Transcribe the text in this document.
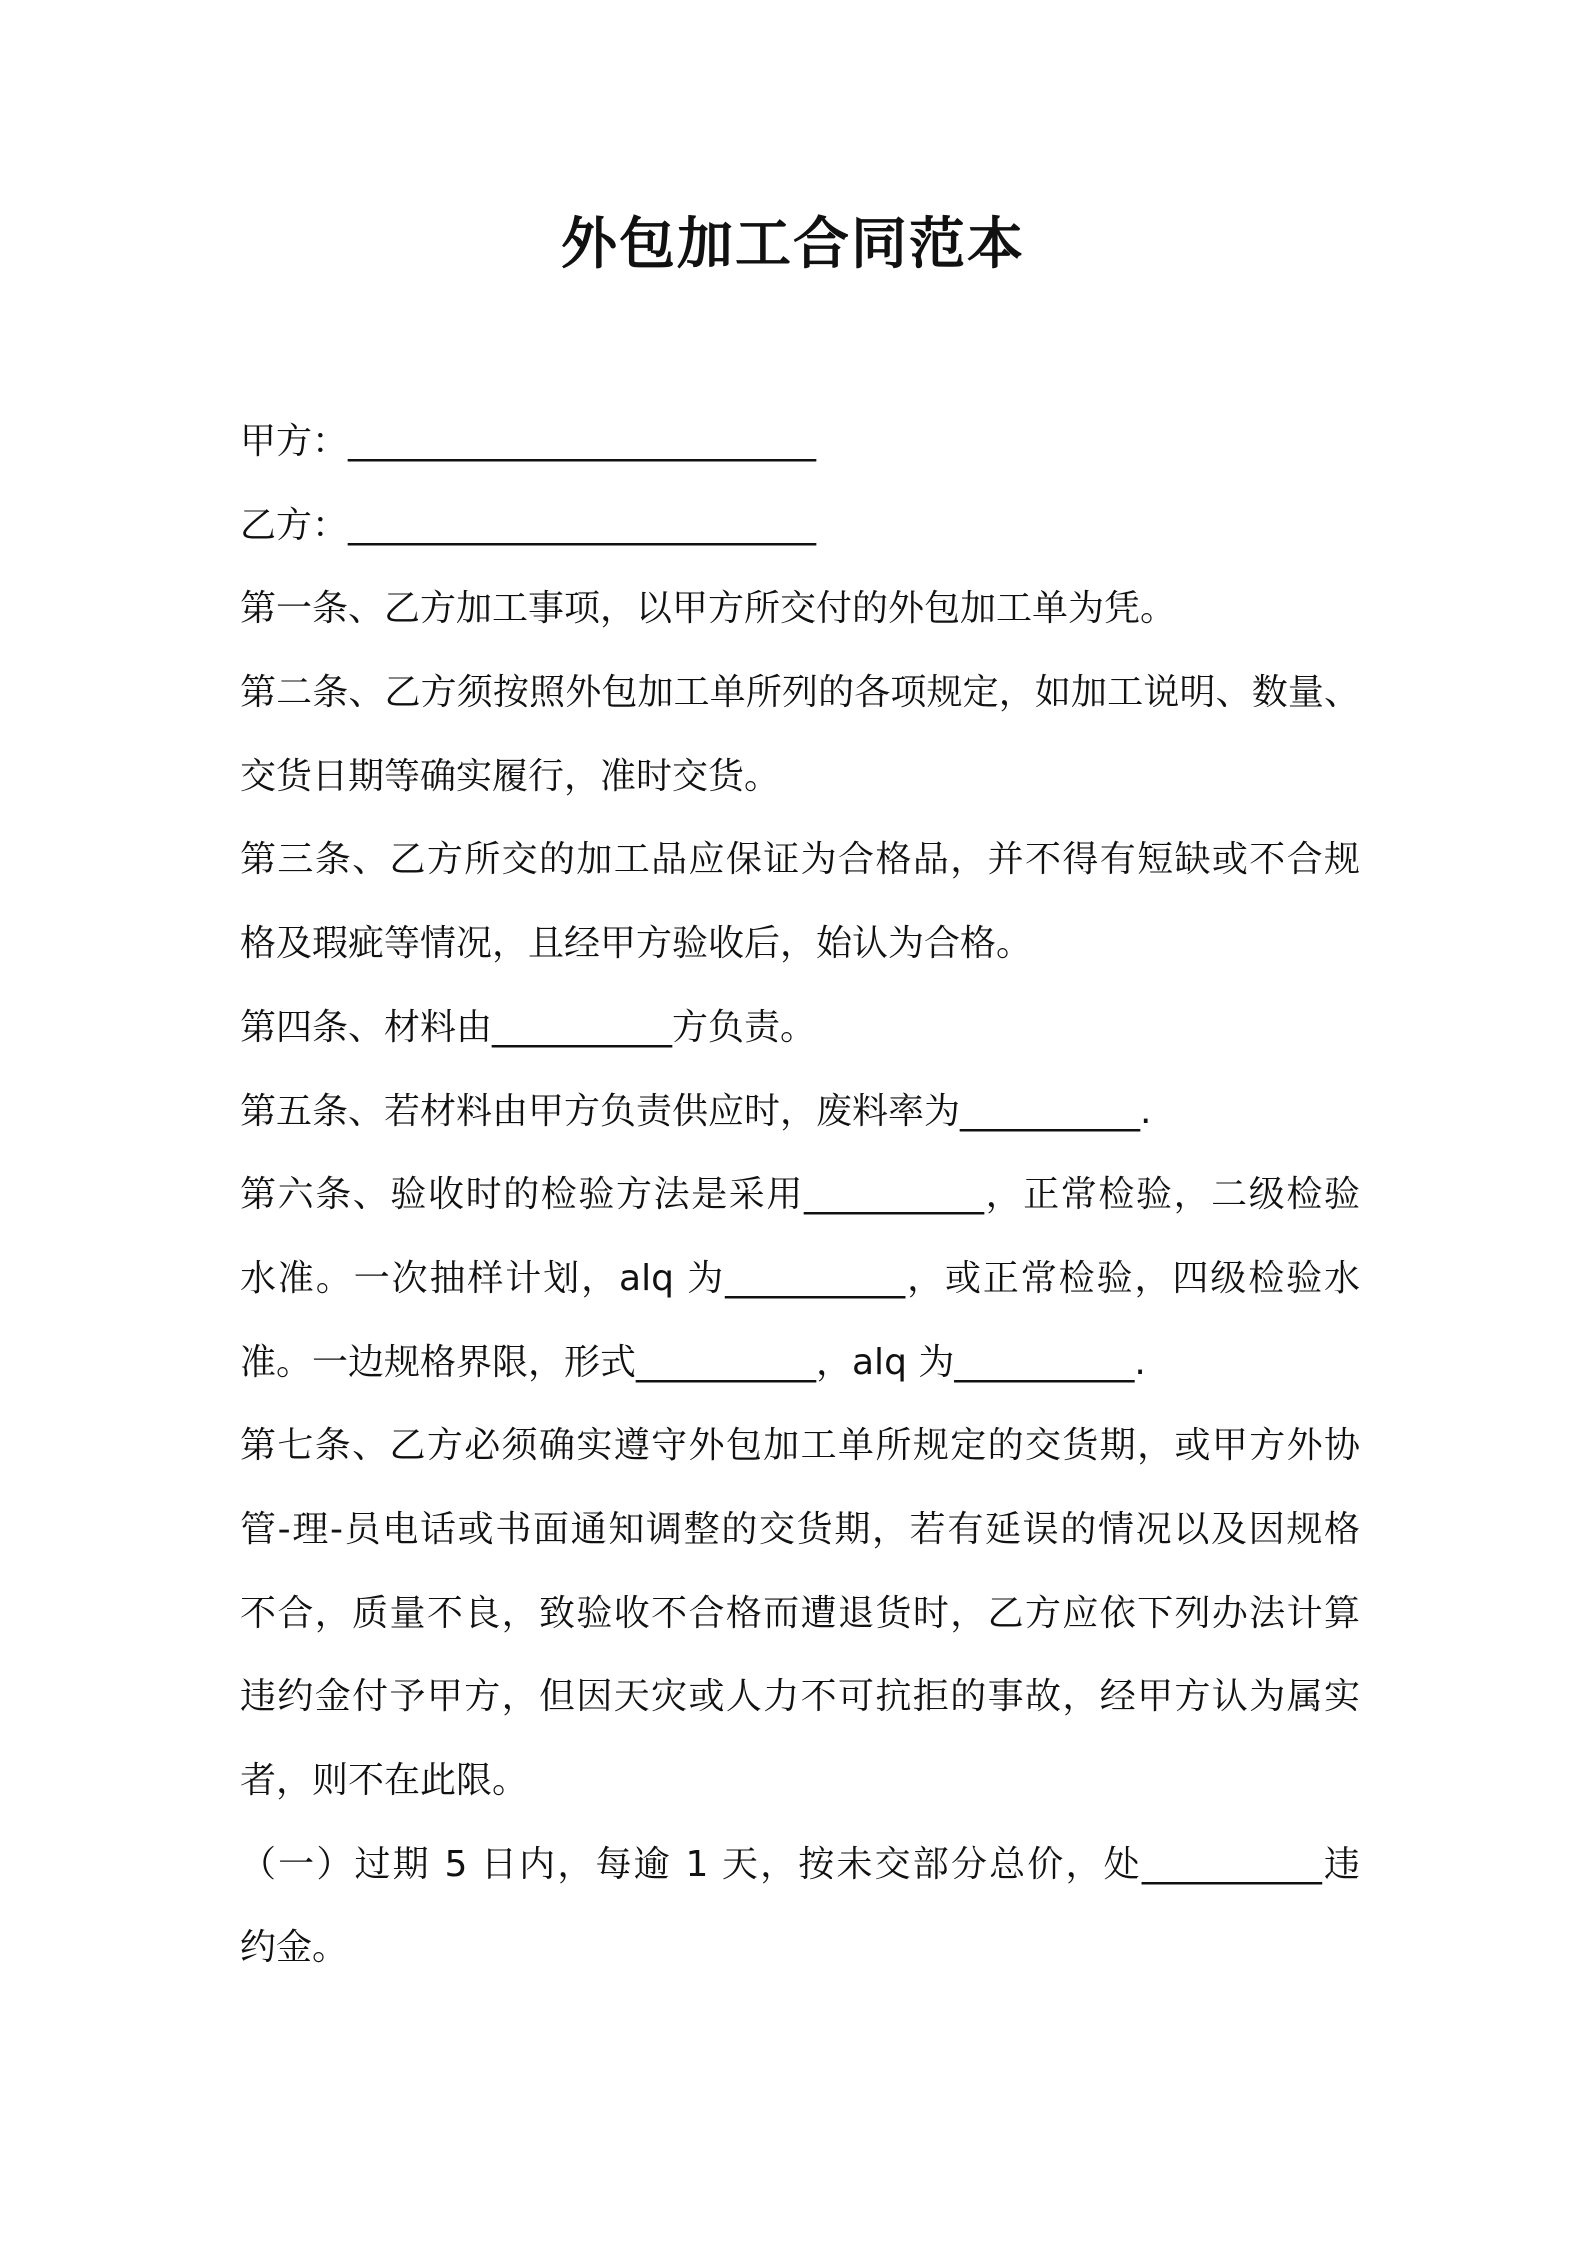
外包加工合同范本
甲方：__________________________
乙方：__________________________
第一条、乙方加工事项，以甲方所交付的外包加工单为凭。
第二条、乙方须按照外包加工单所列的各项规定，如加工说明、数量、
交货日期等确实履行，准时交货。
第三条、乙方所交的加工品应保证为合格品，并不得有短缺或不合规
格及瑕疵等情况，且经甲方验收后，始认为合格。
第四条、材料由__________方负责。
第五条、若材料由甲方负责供应时，废料率为__________.
第六条、验收时的检验方法是采用__________，正常检验，二级检验
水准。一次抽样计划，alq 为__________，或正常检验，四级检验水
准。一边规格界限，形式__________，alq 为__________.
第七条、乙方必须确实遵守外包加工单所规定的交货期，或甲方外协
管-理-员电话或书面通知调整的交货期，若有延误的情况以及因规格
不合，质量不良，致验收不合格而遭退货时，乙方应依下列办法计算
违约金付予甲方，但因天灾或人力不可抗拒的事故，经甲方认为属实
者，则不在此限。
（一）过期 5 日内，每逾 1 天，按未交部分总价，处__________违
约金。
